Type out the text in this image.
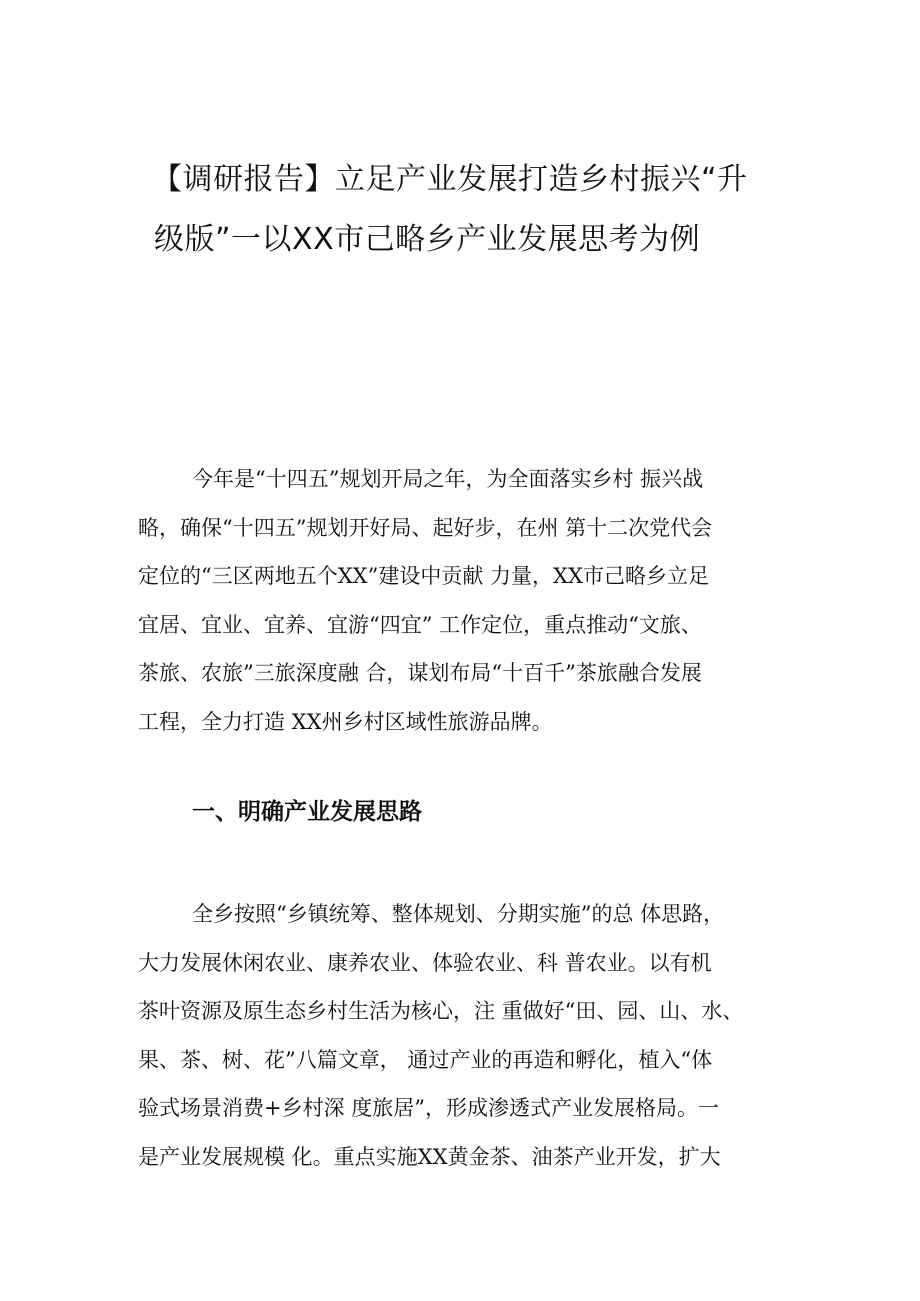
【调研报告】立足产业发展打造乡村振兴“升
级版”一以XX市己略乡产业发展思考为例

今年是“十四五”规划开局之年，为全面落实乡村 振兴战
略，确保“十四五”规划开好局、起好步，在州 第十二次党代会
定位的“三区两地五个XX”建设中贡献 力量，XX市己略乡立足
宜居、宜业、宜养、宜游“四宜” 工作定位，重点推动“文旅、
茶旅、农旅”三旅深度融 合，谋划布局“十百千”茶旅融合发展
工程，全力打造 XX州乡村区域性旅游品牌。

一、明确产业发展思路

全乡按照“乡镇统筹、整体规划、分期实施”的总 体思路，
大力发展休闲农业、康养农业、体验农业、科 普农业。以有机
茶叶资源及原生态乡村生活为核心，注 重做好“田、园、山、水、
果、茶、树、花”八篇文章， 通过产业的再造和孵化，植入“体
验式场景消费+乡村深 度旅居”，形成渗透式产业发展格局。一
是产业发展规模 化。重点实施XX黄金茶、油茶产业开发，扩大
